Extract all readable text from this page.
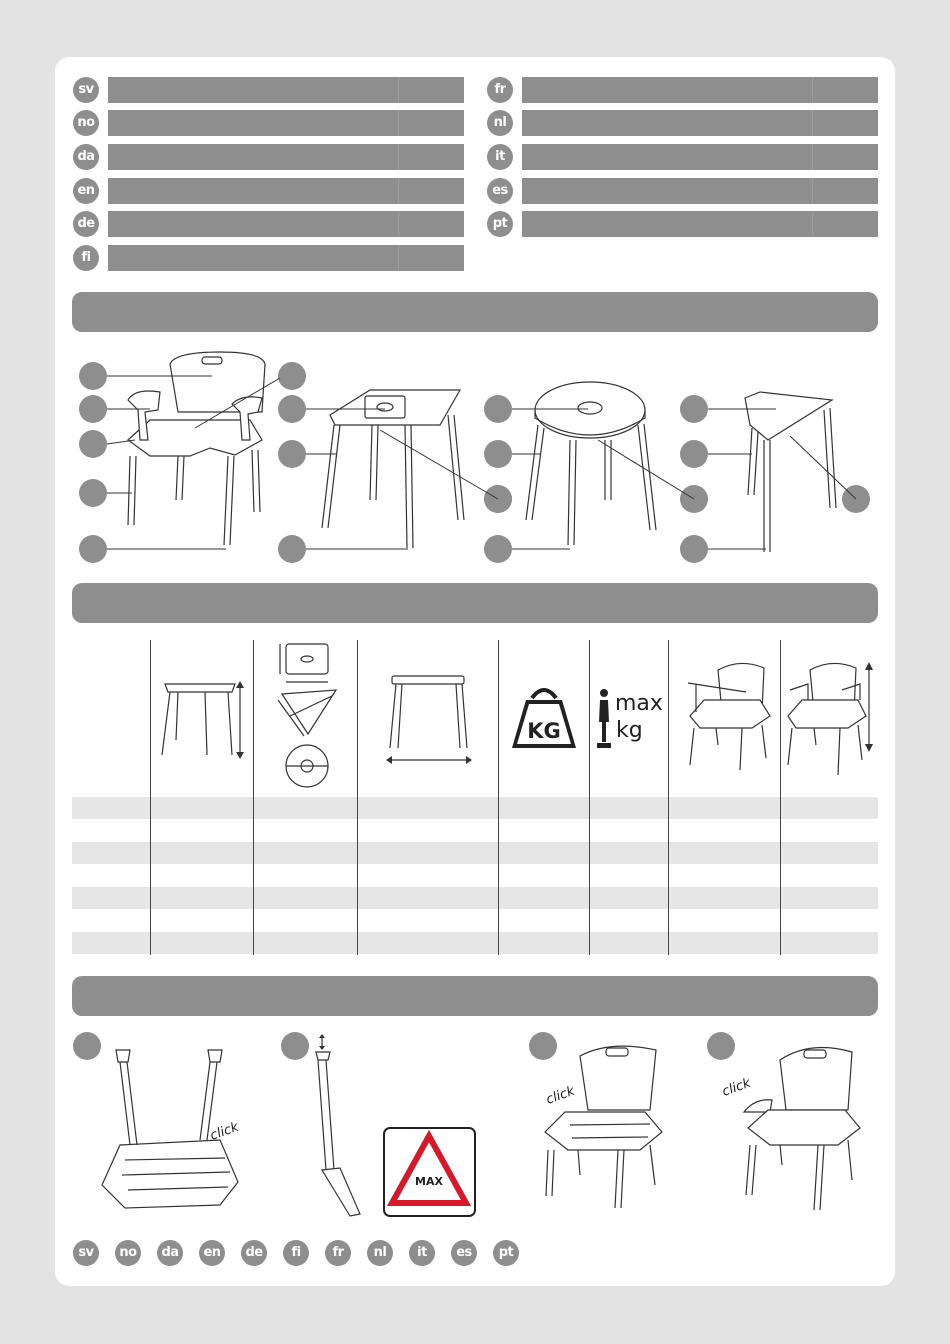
sv
no
da
en
de
fi
fr
nl
it
es
pt
KG
max
kg
click
MAX
click	click
sv	no	da	en	de	fi	fr	nl	it	es	pt
